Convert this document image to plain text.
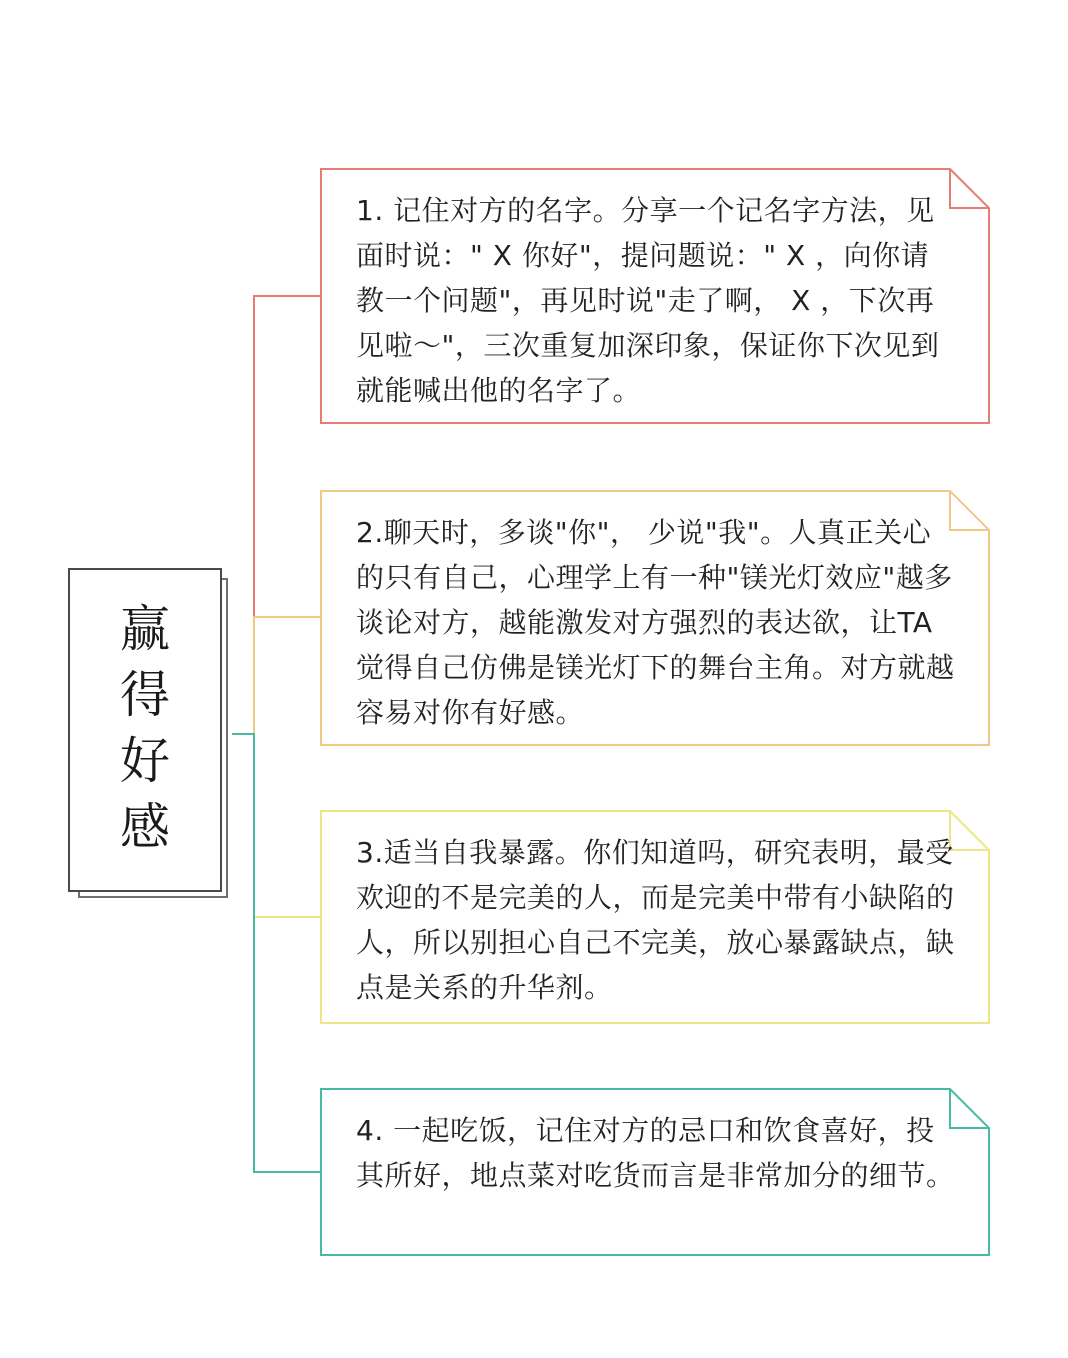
赢得好感
1. 记住对方的名字。分享一个记名字方法，见面时说：" X 你好"，提问题说：" X ，向你请教一个问题"，再见时说"走了啊， X ，下次再见啦～"，三次重复加深印象，保证你下次见到就能喊出他的名字了。
2.聊天时，多谈"你"， 少说"我"。人真正关心的只有自己，心理学上有一种"镁光灯效应"越多谈论对方，越能激发对方强烈的表达欲，让TA觉得自己仿佛是镁光灯下的舞台主角。对方就越容易对你有好感。
3.适当自我暴露。你们知道吗，研究表明，最受欢迎的不是完美的人，而是完美中带有小缺陷的人，所以别担心自己不完美，放心暴露缺点，缺点是关系的升华剂。
4. 一起吃饭，记住对方的忌口和饮食喜好，投其所好，地点菜对吃货而言是非常加分的细节。
